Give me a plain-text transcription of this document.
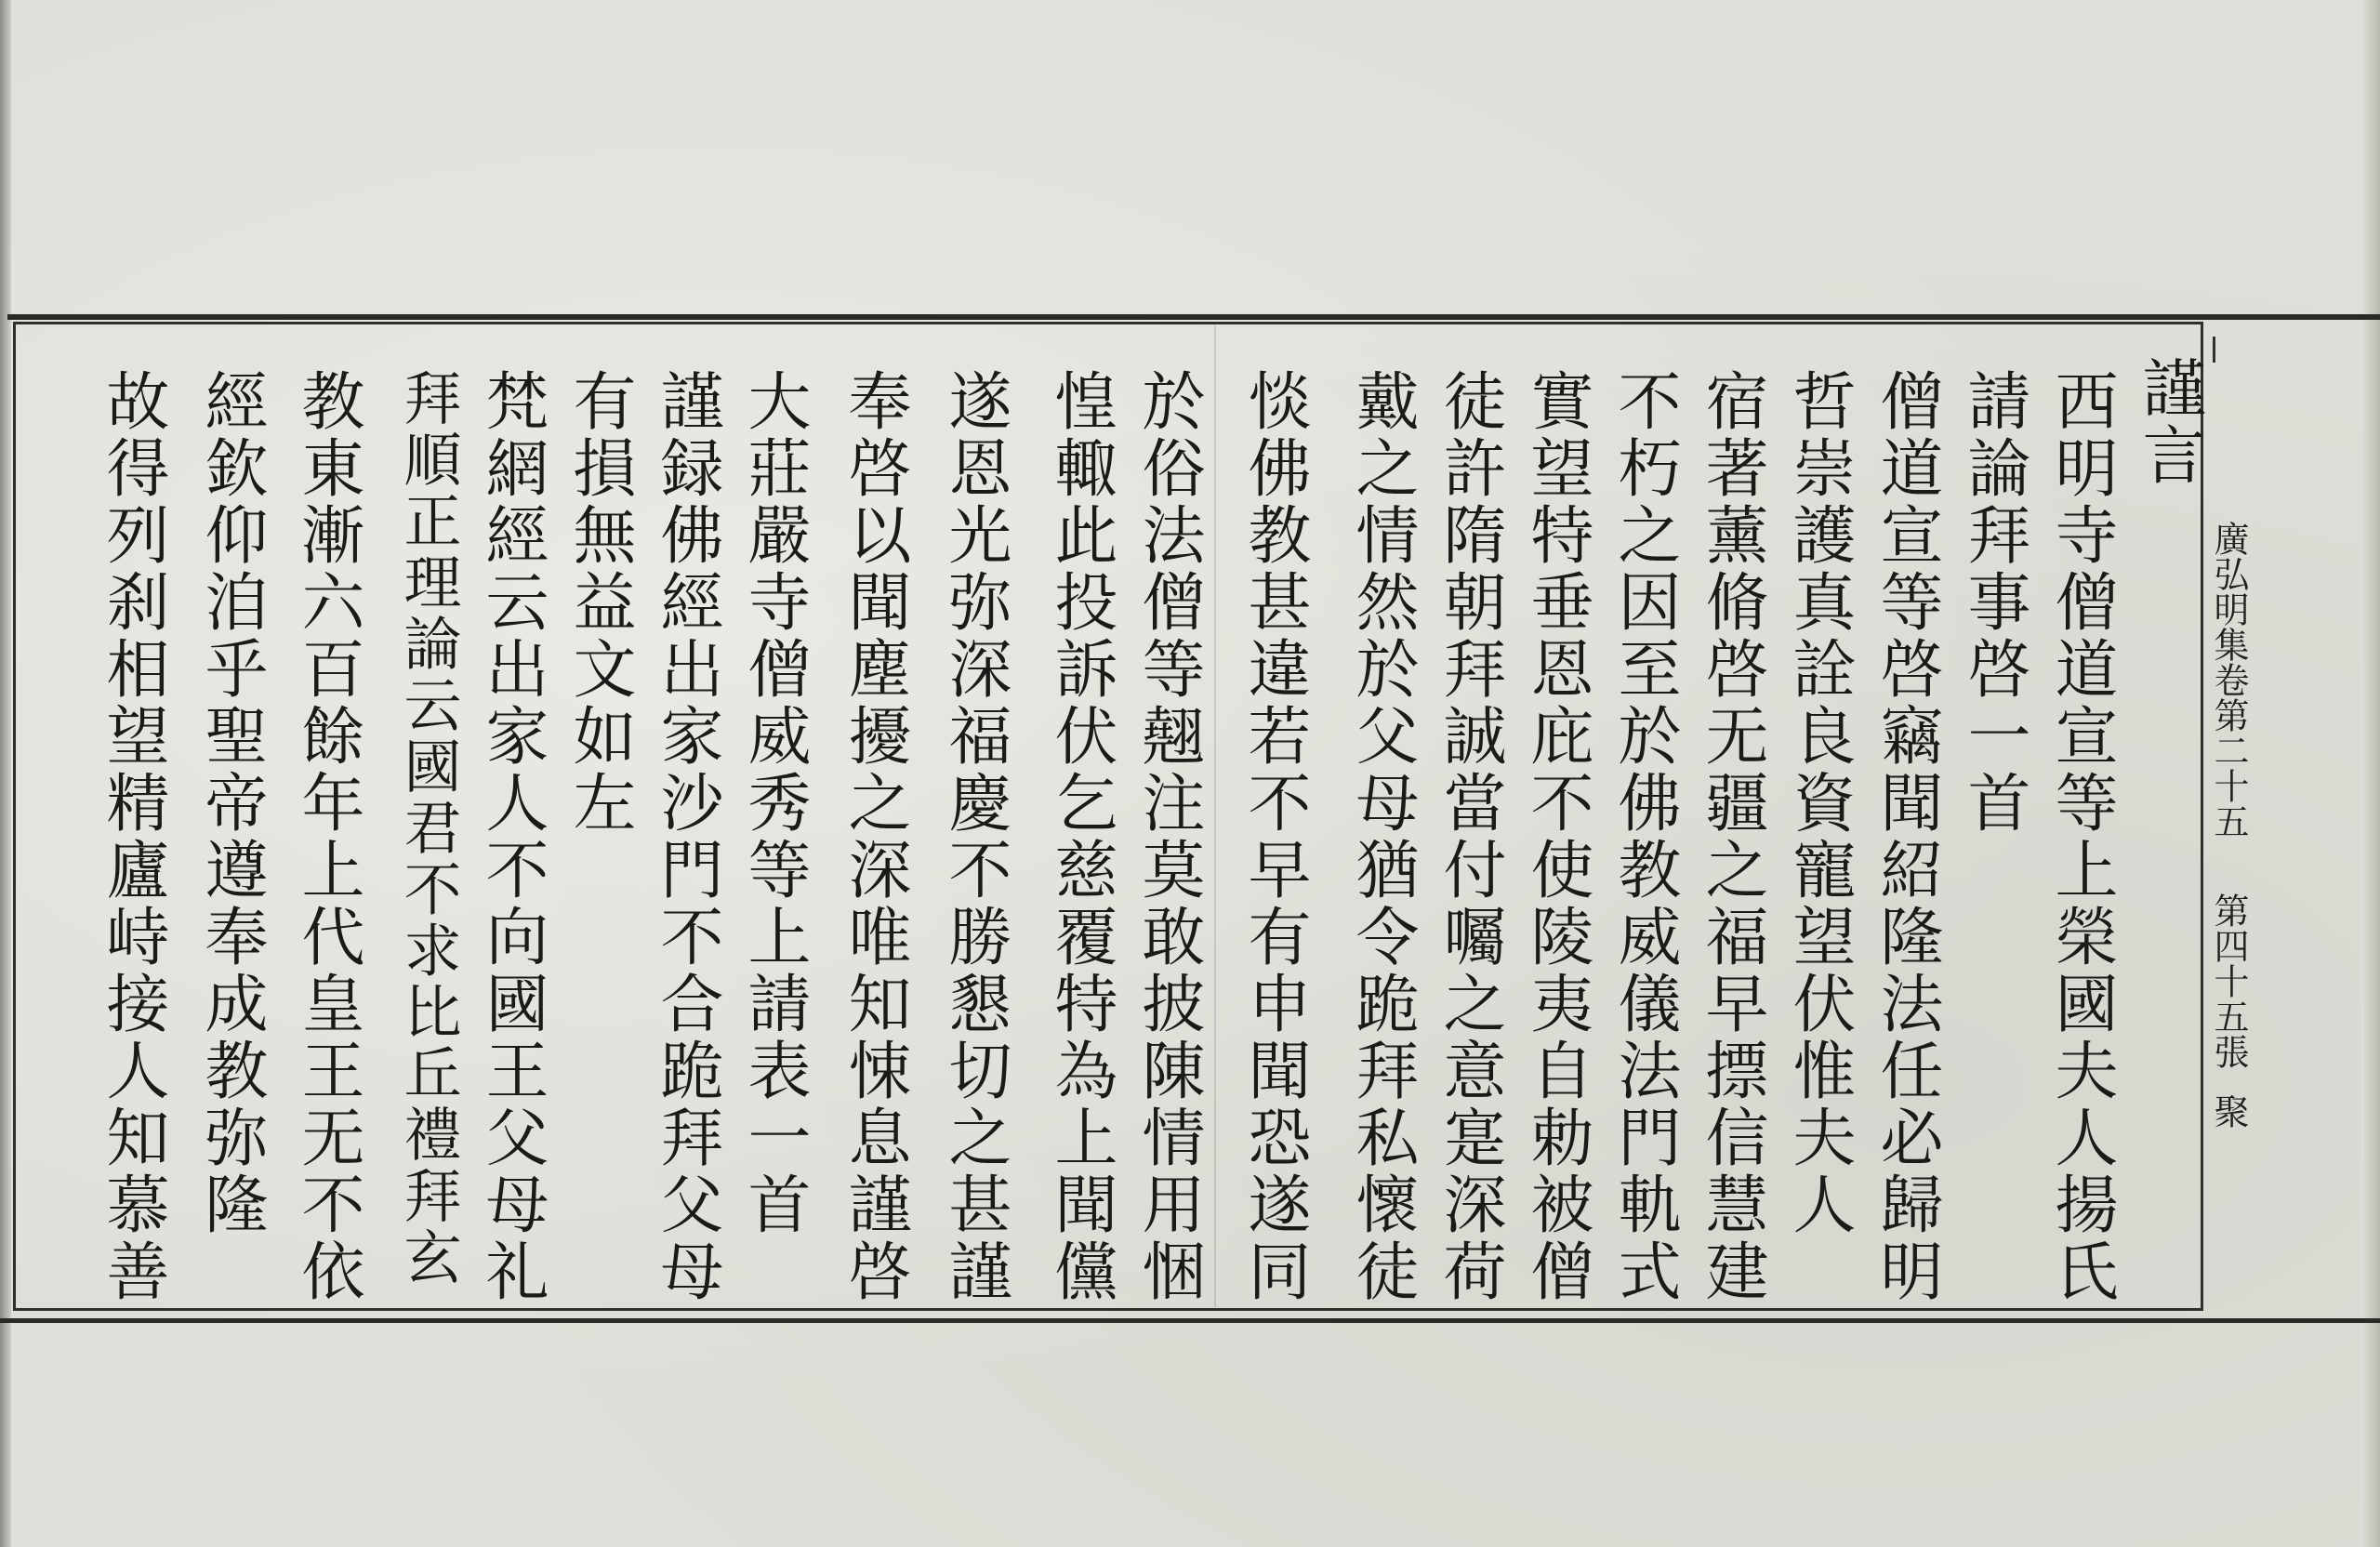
廣弘明集卷第二十五
第四十五張
聚
謹言
西明寺僧道宣等上榮國夫人揚氏
請論拜事啓一首
僧道宣等啓竊聞紹隆法任必歸明
哲崇護真詮良資寵望伏惟夫人
宿著薰脩啓无疆之福早摽信慧建
不朽之因至於佛教威儀法門軌式
實望特垂恩庇不使陵夷自勅被僧
徒許隋朝拜誠當付囑之意寔深荷
戴之情然於父母猶令跪拜私懷徒
惔佛教甚違若不早有申聞恐遂同
於俗法僧等翹注莫敢披陳情用悃
惶輙此投訴伏乞慈覆特為上聞儻
遂恩光弥深福慶不勝懇切之甚謹
奉啓以聞塵擾之深唯知悚息謹啓
大莊嚴寺僧威秀等上請表一首
謹録佛經出家沙門不合跪拜父母
有損無益文如左
梵網經云出家人不向國王父母礼
拜順正理論云國君不求比丘禮拜玄
教東漸六百餘年上代皇王无不依
經欽仰洎乎聖帝遵奉成教弥隆
故得列刹相望精廬峙接人知慕善
